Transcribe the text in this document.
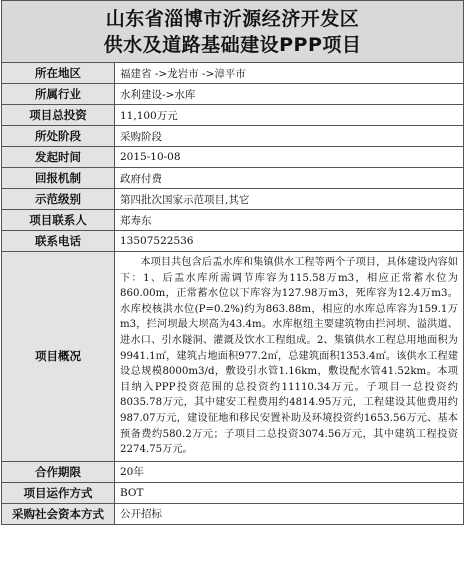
山东省淄博市沂源经济开发区
供水及道路基础建设PPP项目
所在地区	福建省 ->龙岩市 ->漳平市
所属行业	水利建设->水库
项目总投资	11,100万元
所处阶段	采购阶段
发起时间	2015-10-08
回报机制	政府付费
示范级别	第四批次国家示范项目,其它
项目联系人	郑寿东
联系电话	13507522536
项目概况	本项目共包含后盂水库和集镇供水工程等两个子项目，具体建设内容如下：1、后盂水库所需调节库容为115.58万m3，相应正常蓄水位为860.00m，正常蓄水位以下库容为127.98万m3，死库容为12.4万m3。水库校核洪水位(P=0.2%)约为863.88m，相应的水库总库容为159.1万m3，拦河坝最大坝高为43.4m。水库枢纽主要建筑物由拦河坝、溢洪道、进水口、引水隧洞、灌溉及饮水工程组成。2、集镇供水工程总用地面积为9941.1㎡，建筑占地面积977.2㎡，总建筑面积1353.4㎡。该供水工程建设总规模8000m3/d，敷设引水管1.16km，敷设配水管41.52km。本项目纳入PPP投资范围的总投资约11110.34万元。子项目一总投资约8035.78万元，其中建安工程费用约4814.95万元，工程建设其他费用约987.07万元，建设征地和移民安置补助及环境投资约1653.56万元、基本预备费约580.2万元；子项目二总投资3074.56万元，其中建筑工程投资2274.75万元。
合作期限	20年
项目运作方式	BOT
采购社会资本方式	公开招标
